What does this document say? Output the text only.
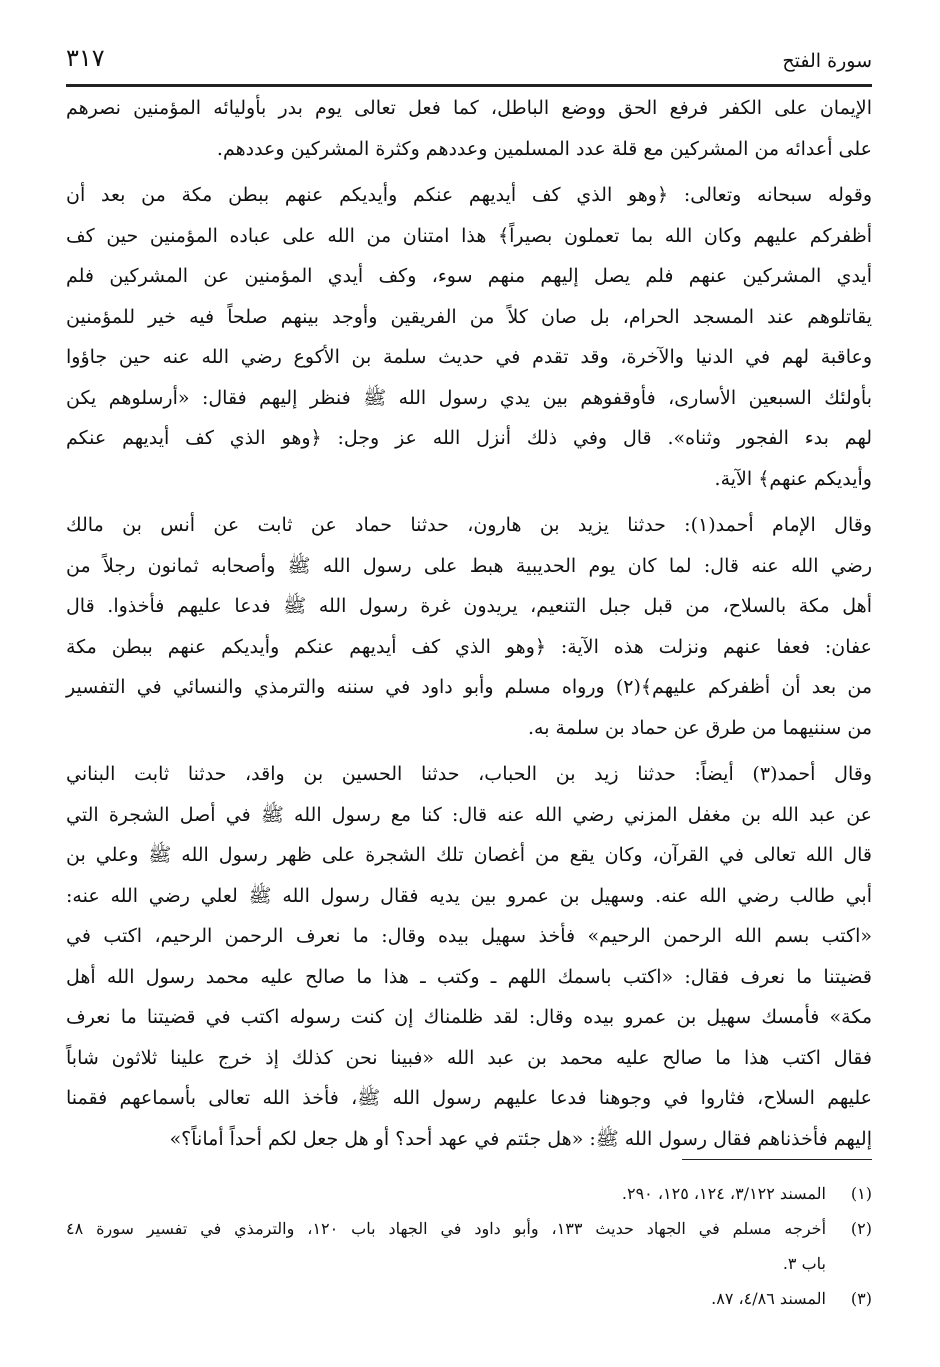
سورة الفتح
٣١٧
الإيمان على الكفر فرفع الحق ووضع الباطل، كما فعل تعالى يوم بدر بأوليائه المؤمنين نصرهم
على أعدائه من المشركين مع قلة عدد المسلمين وعددهم وكثرة المشركين وعددهم.
وقوله سبحانه وتعالى: ﴿وهو الذي كف أيديهم عنكم وأيديكم عنهم ببطن مكة من بعد أن
أظفركم عليهم وكان الله بما تعملون بصيراً﴾ هذا امتنان من الله على عباده المؤمنين حين كف
أيدي المشركين عنهم فلم يصل إليهم منهم سوء، وكف أيدي المؤمنين عن المشركين فلم
يقاتلوهم عند المسجد الحرام، بل صان كلاً من الفريقين وأوجد بينهم صلحاً فيه خير للمؤمنين
وعاقبة لهم في الدنيا والآخرة، وقد تقدم في حديث سلمة بن الأكوع رضي الله عنه حين جاؤوا
بأولئك السبعين الأسارى، فأوقفوهم بين يدي رسول الله ﷺ فنظر إليهم فقال: «أرسلوهم يكن
لهم بدء الفجور وثناه». قال وفي ذلك أنزل الله عز وجل: ﴿وهو الذي كف أيديهم عنكم
وأيديكم عنهم﴾ الآية.
وقال الإمام أحمد(١): حدثنا يزيد بن هارون، حدثنا حماد عن ثابت عن أنس بن مالك
رضي الله عنه قال: لما كان يوم الحديبية هبط على رسول الله ﷺ وأصحابه ثمانون رجلاً من
أهل مكة بالسلاح، من قبل جبل التنعيم، يريدون غرة رسول الله ﷺ فدعا عليهم فأخذوا. قال
عفان: فعفا عنهم ونزلت هذه الآية: ﴿وهو الذي كف أيديهم عنكم وأيديكم عنهم ببطن مكة
من بعد أن أظفركم عليهم﴾(٢) ورواه مسلم وأبو داود في سننه والترمذي والنسائي في التفسير
من سننيهما من طرق عن حماد بن سلمة به.
وقال أحمد(٣) أيضاً: حدثنا زيد بن الحباب، حدثنا الحسين بن واقد، حدثنا ثابت البناني
عن عبد الله بن مغفل المزني رضي الله عنه قال: كنا مع رسول الله ﷺ في أصل الشجرة التي
قال الله تعالى في القرآن، وكان يقع من أغصان تلك الشجرة على ظهر رسول الله ﷺ وعلي بن
أبي طالب رضي الله عنه. وسهيل بن عمرو بين يديه فقال رسول الله ﷺ لعلي رضي الله عنه:
«اكتب بسم الله الرحمن الرحيم» فأخذ سهيل بيده وقال: ما نعرف الرحمن الرحيم، اكتب في
قضيتنا ما نعرف فقال: «اكتب باسمك اللهم ـ وكتب ـ هذا ما صالح عليه محمد رسول الله أهل
مكة» فأمسك سهيل بن عمرو بيده وقال: لقد ظلمناك إن كنت رسوله اكتب في قضيتنا ما نعرف
فقال اكتب هذا ما صالح عليه محمد بن عبد الله «فبينا نحن كذلك إذ خرج علينا ثلاثون شاباً
عليهم السلاح، فثاروا في وجوهنا فدعا عليهم رسول الله ﷺ، فأخذ الله تعالى بأسماعهم فقمنا
إليهم فأخذناهم فقال رسول الله ﷺ: «هل جئتم في عهد أحد؟ أو هل جعل لكم أحداً أماناً؟»
(١)
المسند ٣/١٢٢، ١٢٤، ١٢٥، ٢٩٠.
(٢)
أخرجه مسلم في الجهاد حديث ١٣٣، وأبو داود في الجهاد باب ١٢٠، والترمذي في تفسير سورة ٤٨
باب ٣.
(٣)
المسند ٤/٨٦، ٨٧.
